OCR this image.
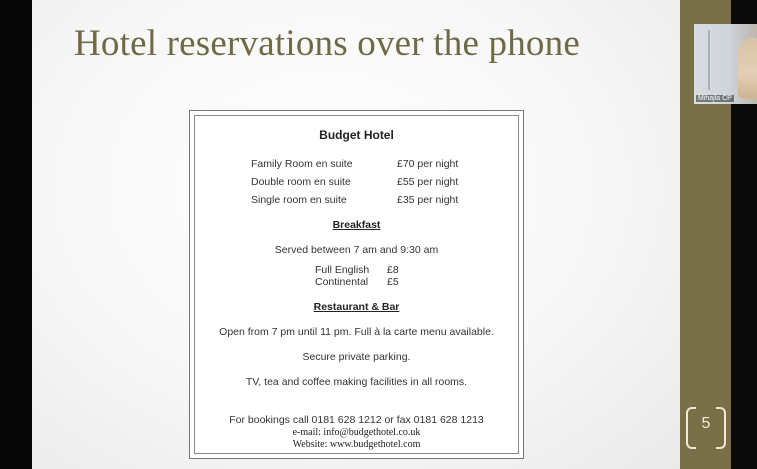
Hotel reservations over the phone
Budget Hotel
Family Room en suite	£70 per night
Double room en suite	£55 per night
Single room en suite	£35 per night
Breakfast
Served between 7 am and 9:30 am
Full English £8
Continental £5
Restaurant & Bar
Open from 7 pm until 11 pm. Full à la carte menu available.
Secure private parking.
TV, tea and coffee making facilities in all rooms.
For bookings call 0181 628 1212 or fax 0181 628 1213
e-mail: info@budgethotel.co.uk
Website: www.budgethotel.com
Mihajla CP
5
